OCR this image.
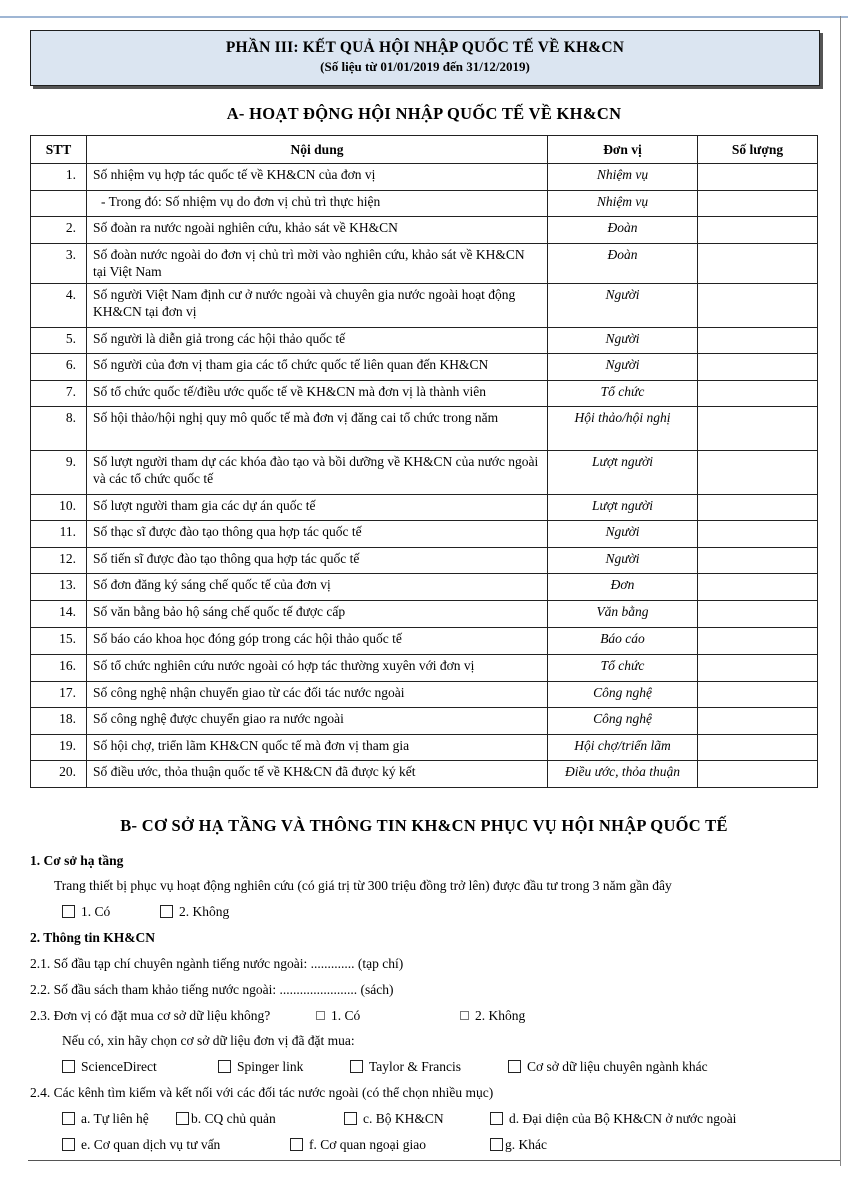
PHẦN III: KẾT QUẢ HỘI NHẬP QUỐC TẾ VỀ KH&CN
(Số liệu từ 01/01/2019 đến 31/12/2019)
A- HOẠT ĐỘNG HỘI NHẬP QUỐC TẾ VỀ KH&CN
STT	Nội dung	Đơn vị	Số lượng
1.	Số nhiệm vụ hợp tác quốc tế về KH&CN của đơn vị	Nhiệm vụ	
	- Trong đó: Số nhiệm vụ do đơn vị chủ trì thực hiện	Nhiệm vụ	
2.	Số đoàn ra nước ngoài nghiên cứu, khảo sát về KH&CN	Đoàn	
3.	Số đoàn nước ngoài do đơn vị chủ trì mời vào nghiên cứu, khảo sát về KH&CN tại Việt Nam	Đoàn	
4.	Số người Việt Nam định cư ở nước ngoài và chuyên gia nước ngoài hoạt động KH&CN tại đơn vị	Người	
5.	Số người là diễn giả trong các hội thảo quốc tế	Người	
6.	Số người của đơn vị tham gia các tổ chức quốc tế liên quan đến KH&CN	Người	
7.	Số tổ chức quốc tế/điều ước quốc tế về KH&CN mà đơn vị là thành viên	Tổ chức	
8.	Số hội thảo/hội nghị quy mô quốc tế mà đơn vị đăng cai tổ chức trong năm	Hội thảo/hội nghị	
9.	Số lượt người tham dự các khóa đào tạo và bồi dưỡng về KH&CN của nước ngoài và các tổ chức quốc tế	Lượt người	
10.	Số lượt người tham gia các dự án quốc tế	Lượt người	
11.	Số thạc sĩ được đào tạo thông qua hợp tác quốc tế	Người	
12.	Số tiến sĩ được đào tạo thông qua hợp tác quốc tế	Người	
13.	Số đơn đăng ký sáng chế quốc tế của đơn vị	Đơn	
14.	Số văn bằng bảo hộ sáng chế quốc tế được cấp	Văn bằng	
15.	Số báo cáo khoa học đóng góp trong các hội thảo quốc tế	Báo cáo	
16.	Số tổ chức nghiên cứu nước ngoài có hợp tác thường xuyên với đơn vị	Tổ chức	
17.	Số công nghệ nhận chuyển giao từ các đối tác nước ngoài	Công nghệ	
18.	Số công nghệ được chuyển giao ra nước ngoài	Công nghệ	
19.	Số hội chợ, triển lãm KH&CN quốc tế mà đơn vị tham gia	Hội chợ/triển lãm	
20.	Số điều ước, thỏa thuận quốc tế về KH&CN đã được ký kết	Điều ước, thỏa thuận	
B- CƠ SỞ HẠ TẦNG VÀ THÔNG TIN KH&CN PHỤC VỤ HỘI NHẬP QUỐC TẾ
1. Cơ sở hạ tầng
Trang thiết bị phục vụ hoạt động nghiên cứu (có giá trị từ 300 triệu đồng trở lên) được đầu tư trong 3 năm gần đây
1. Có	2. Không
2. Thông tin KH&CN
2.1. Số đầu tạp chí chuyên ngành tiếng nước ngoài: ............. (tạp chí)
2.2. Số đầu sách tham khảo tiếng nước ngoài: ....................... (sách)
2.3. Đơn vị có đặt mua cơ sở dữ liệu không?	1. Có	2. Không
Nếu có, xin hãy chọn cơ sở dữ liệu đơn vị đã đặt mua:
ScienceDirect	Spinger link	Taylor & Francis	Cơ sở dữ liệu chuyên ngành khác
2.4. Các kênh tìm kiếm và kết nối với các đối tác nước ngoài (có thể chọn nhiều mục)
a. Tự liên hệ	b. CQ chủ quản	c. Bộ KH&CN	d. Đại diện của Bộ KH&CN ở nước ngoài
e. Cơ quan dịch vụ tư vấn	f. Cơ quan ngoại giao	g. Khác
